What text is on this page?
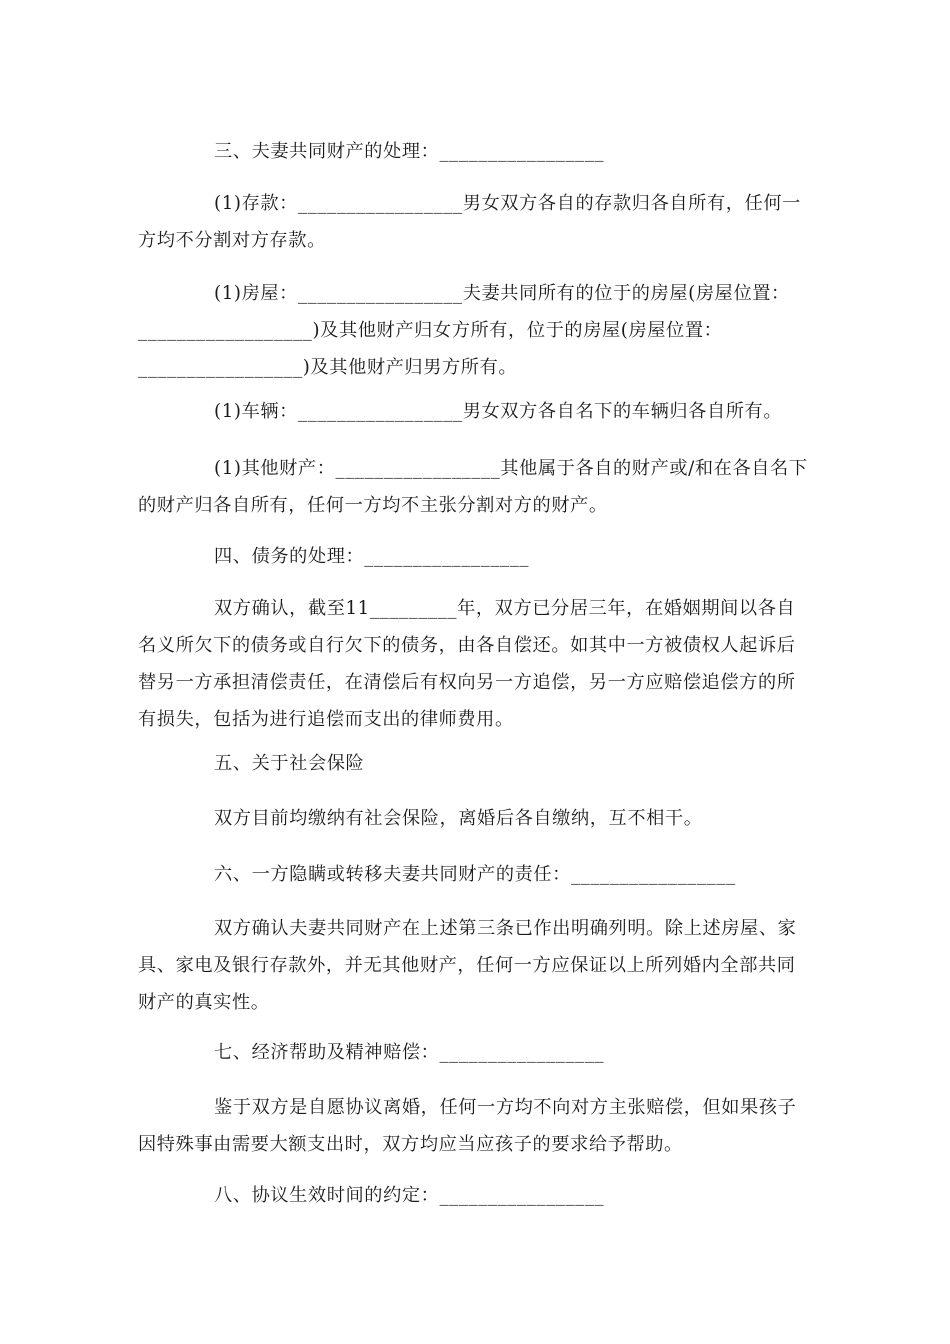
三、夫妻共同财产的处理：_________________

(1)存款：_________________男女双方各自的存款归各自所有，任何一方均不分割对方存款。

(1)房屋：_________________夫妻共同所有的位于的房屋(房屋位置：__________________)及其他财产归女方所有，位于的房屋(房屋位置：_________________)及其他财产归男方所有。

(1)车辆：_________________男女双方各自名下的车辆归各自所有。

(1)其他财产：_________________其他属于各自的财产或/和在各自名下的财产归各自所有，任何一方均不主张分割对方的财产。

四、债务的处理：_________________

双方确认，截至11_________年，双方已分居三年，在婚姻期间以各自名义所欠下的债务或自行欠下的债务，由各自偿还。如其中一方被债权人起诉后替另一方承担清偿责任，在清偿后有权向另一方追偿，另一方应赔偿追偿方的所有损失，包括为进行追偿而支出的律师费用。

五、关于社会保险

双方目前均缴纳有社会保险，离婚后各自缴纳，互不相干。

六、一方隐瞒或转移夫妻共同财产的责任：_________________

双方确认夫妻共同财产在上述第三条已作出明确列明。除上述房屋、家具、家电及银行存款外，并无其他财产，任何一方应保证以上所列婚内全部共同财产的真实性。

七、经济帮助及精神赔偿：_________________

鉴于双方是自愿协议离婚，任何一方均不向对方主张赔偿，但如果孩子因特殊事由需要大额支出时，双方均应当应孩子的要求给予帮助。

八、协议生效时间的约定：_________________
